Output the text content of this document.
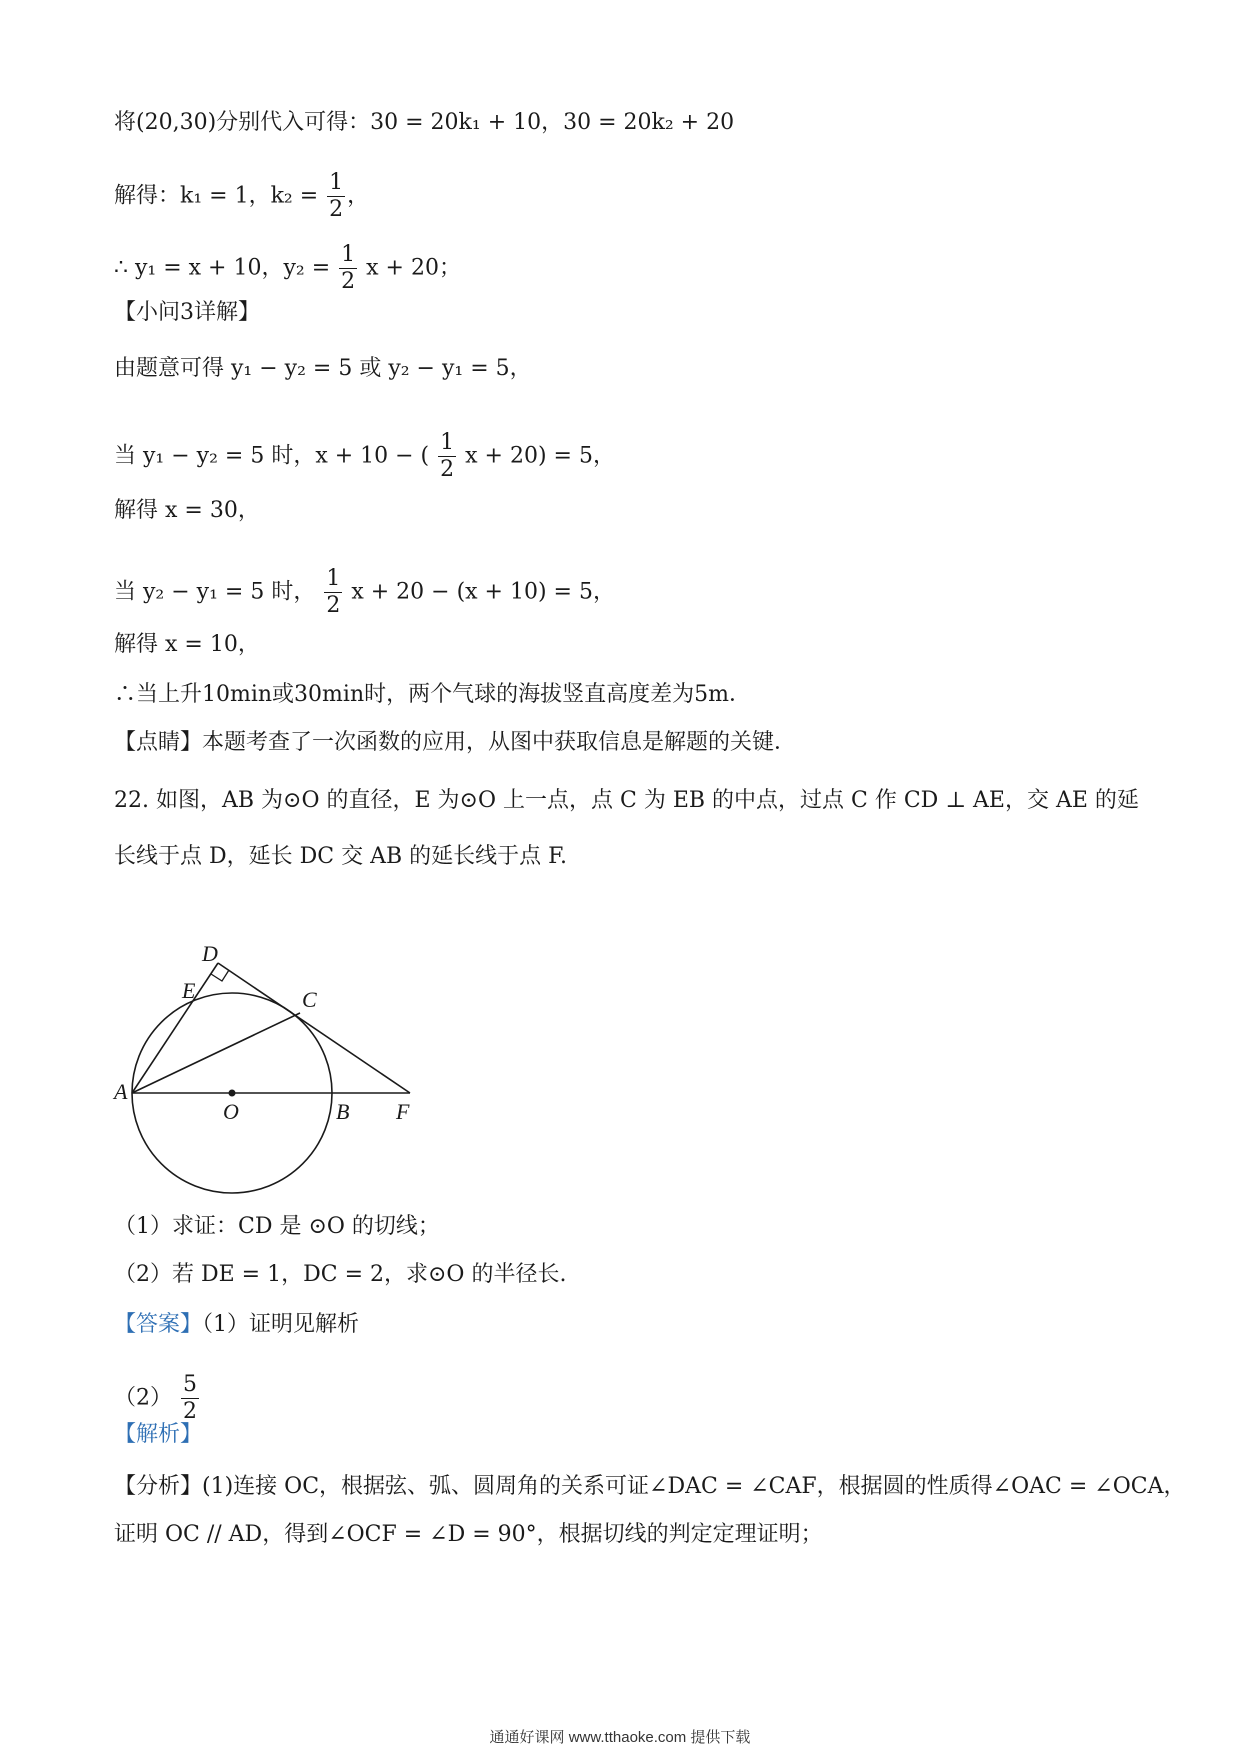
将(20,30)分别代入可得：30 = 20k₁ + 10，30 = 20k₂ + 20
解得：k₁ = 1，$k_2 = \frac{1}{2}$ ，
∴ y₁ = x + 10，$y_2 = \frac{1}{2}$ x + 20；
【小问3详解】
由题意可得 y₁ − y₂ = 5 或 y₂ − y₁ = 5，
当 y₁ − y₂ = 5 时，x + 10 − ( $\frac{1}{2}$ x + 20) = 5，
解得 x = 30，
当 y₂ − y₁ = 5 时， $\frac{1}{2}$ x + 20 − (x + 10) = 5，
解得 x = 10，
∴当上升10min或30min时，两个气球的海拔竖直高度差为5m．
【点睛】本题考查了一次函数的应用，从图中获取信息是解题的关键．
22. 如图，AB 为⊙O 的直径，E 为⊙O 上一点，点 C 为 EB 的中点，过点 C 作 CD ⊥ AE，交 AE 的延
长线于点 D，延长 DC 交 AB 的延长线于点 F.
D
E	C
A
O	B F
（1）求证：CD 是 ⊙O 的切线；
（2）若 DE = 1，DC = 2，求⊙O 的半径长.
【答案】（1）证明见解析
$(2) \frac{5}{2}$
【解析】
【分析】(1)连接 OC，根据弦、弧、圆周角的关系可证∠DAC = ∠CAF，根据圆的性质得∠OAC = ∠OCA，
证明 OC // AD，得到∠OCF = ∠D = 90°，根据切线的判定定理证明；
通通好课网 www.tthaoke.com 提供下载
